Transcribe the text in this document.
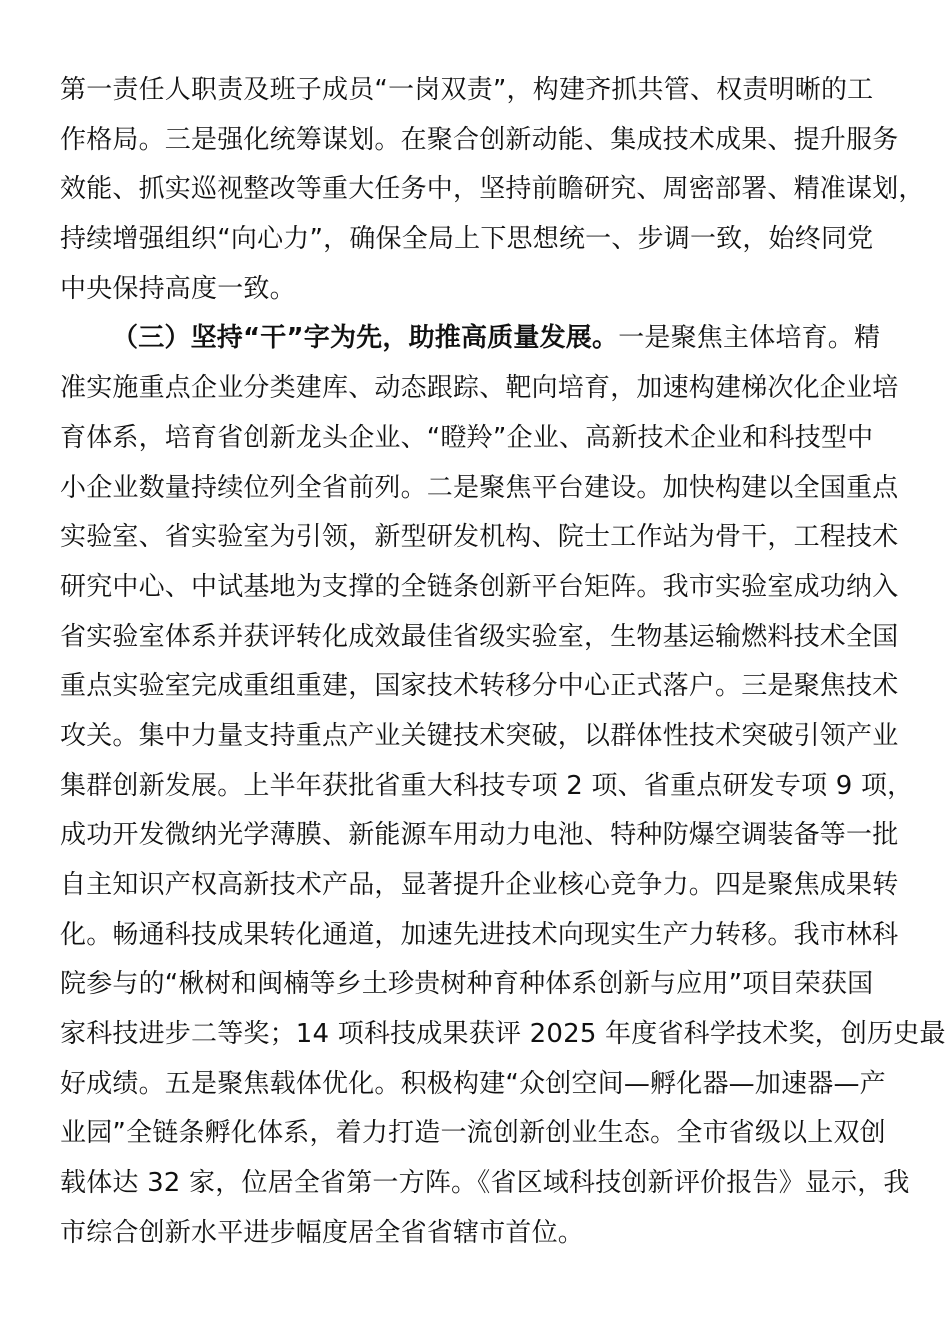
第一责任人职责及班子成员“一岗双责”，构建齐抓共管、权责明晰的工
作格局。三是强化统筹谋划。在聚合创新动能、集成技术成果、提升服务
效能、抓实巡视整改等重大任务中，坚持前瞻研究、周密部署、精准谋划，
持续增强组织“向心力”，确保全局上下思想统一、步调一致，始终同党
中央保持高度一致。
（三）坚持“干”字为先，助推高质量发展。一是聚焦主体培育。精
准实施重点企业分类建库、动态跟踪、靶向培育，加速构建梯次化企业培
育体系，培育省创新龙头企业、“瞪羚”企业、高新技术企业和科技型中
小企业数量持续位列全省前列。二是聚焦平台建设。加快构建以全国重点
实验室、省实验室为引领，新型研发机构、院士工作站为骨干，工程技术
研究中心、中试基地为支撑的全链条创新平台矩阵。我市实验室成功纳入
省实验室体系并获评转化成效最佳省级实验室，生物基运输燃料技术全国
重点实验室完成重组重建，国家技术转移分中心正式落户。三是聚焦技术
攻关。集中力量支持重点产业关键技术突破，以群体性技术突破引领产业
集群创新发展。上半年获批省重大科技专项 2 项、省重点研发专项 9 项，
成功开发微纳光学薄膜、新能源车用动力电池、特种防爆空调装备等一批
自主知识产权高新技术产品，显著提升企业核心竞争力。四是聚焦成果转
化。畅通科技成果转化通道，加速先进技术向现实生产力转移。我市林科
院参与的“楸树和闽楠等乡土珍贵树种育种体系创新与应用”项目荣获国
家科技进步二等奖；14 项科技成果获评 2025 年度省科学技术奖，创历史最
好成绩。五是聚焦载体优化。积极构建“众创空间—孵化器—加速器—产
业园”全链条孵化体系，着力打造一流创新创业生态。全市省级以上双创
载体达 32 家，位居全省第一方阵。《省区域科技创新评价报告》显示，我
市综合创新水平进步幅度居全省省辖市首位。
